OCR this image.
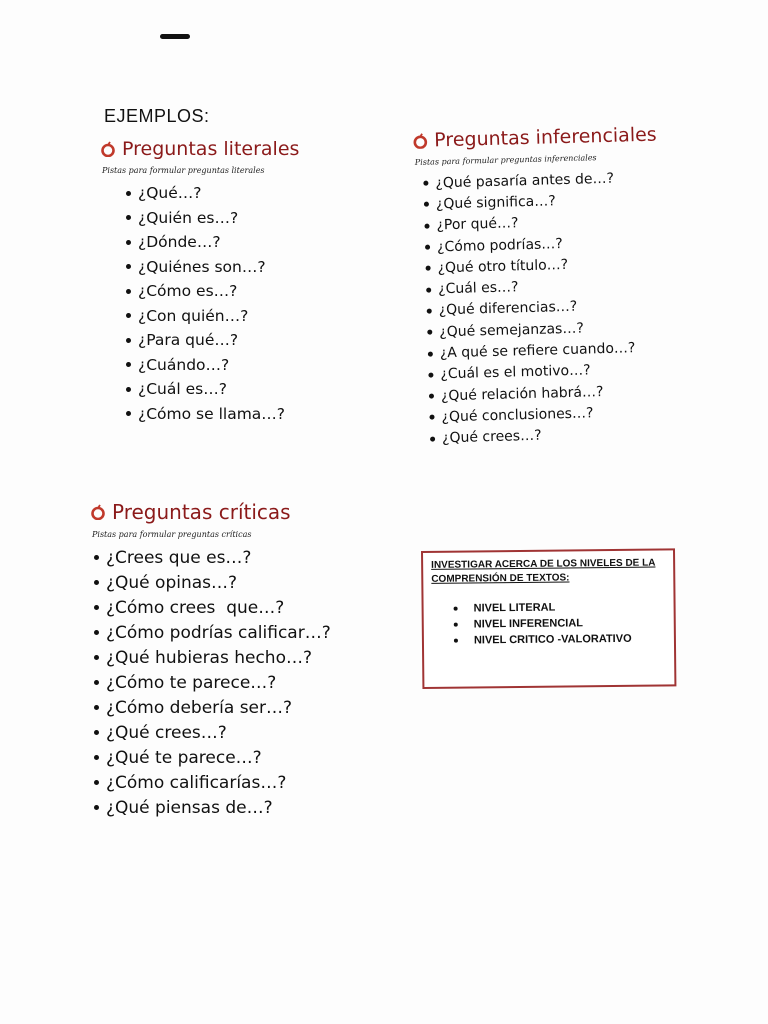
EJEMPLOS:
Preguntas literales
Pistas para formular preguntas literales
¿Qué…?
¿Quién es…?
¿Dónde…?
¿Quiénes son…?
¿Cómo es…?
¿Con quién…?
¿Para qué…?
¿Cuándo…?
¿Cuál es…?
¿Cómo se llama…?
Preguntas inferenciales
Pistas para formular preguntas inferenciales
¿Qué pasaría antes de…?
¿Qué significa…?
¿Por qué…?
¿Cómo podrías…?
¿Qué otro título…?
¿Cuál es…?
¿Qué diferencias…?
¿Qué semejanzas…?
¿A qué se refiere cuando…?
¿Cuál es el motivo…?
¿Qué relación habrá…?
¿Qué conclusiones…?
¿Qué crees…?
Preguntas críticas
Pistas para formular preguntas críticas
¿Crees que es…?
¿Qué opinas…?
¿Cómo crees  que…?
¿Cómo podrías calificar…?
¿Qué hubieras hecho…?
¿Cómo te parece…?
¿Cómo debería ser…?
¿Qué crees…?
¿Qué te parece…?
¿Cómo calificarías…?
¿Qué piensas de…?
INVESTIGAR ACERCA DE LOS NIVELES DE LA COMPRENSIÓN DE TEXTOS:
NIVEL LITERAL
NIVEL INFERENCIAL
NIVEL CRITICO -VALORATIVO
